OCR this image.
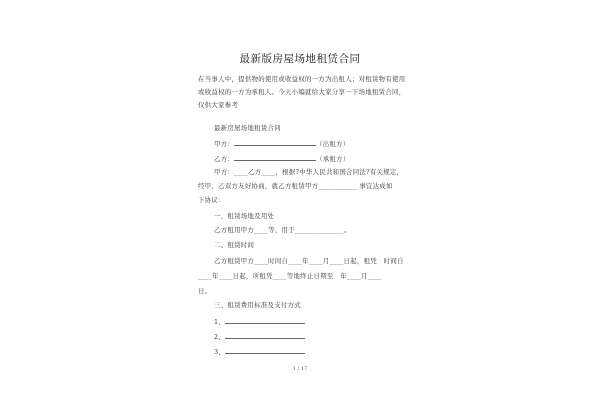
最新版房屋场地租赁合同
在当事人中，提供物的使用或收益权的一方为出租人；对租赁物有使用或收益权的一方为承租人。今天小编就给大家分享一下场地租赁合同，仅供大家参考
最新房屋场地租赁合同
甲方：	（出租方）
乙方：	（承租方）
甲方：____乙方____，根据?中华人民共和国合同法?有关规定，
经甲、乙双方友好协商，就乙方租赁甲方___________ 事宜达成如
下协议：
一、租赁场地及用处
乙方租用甲方____等，用于______________。
二、租赁时间
乙方租赁甲方____时间自____年____月____日起，租凭　时间自
____年____日起，所租凭____等地终止日期至　年____月____
日。
三、租赁费用标准及支付方式
1、
2、
3、
1 / 17
